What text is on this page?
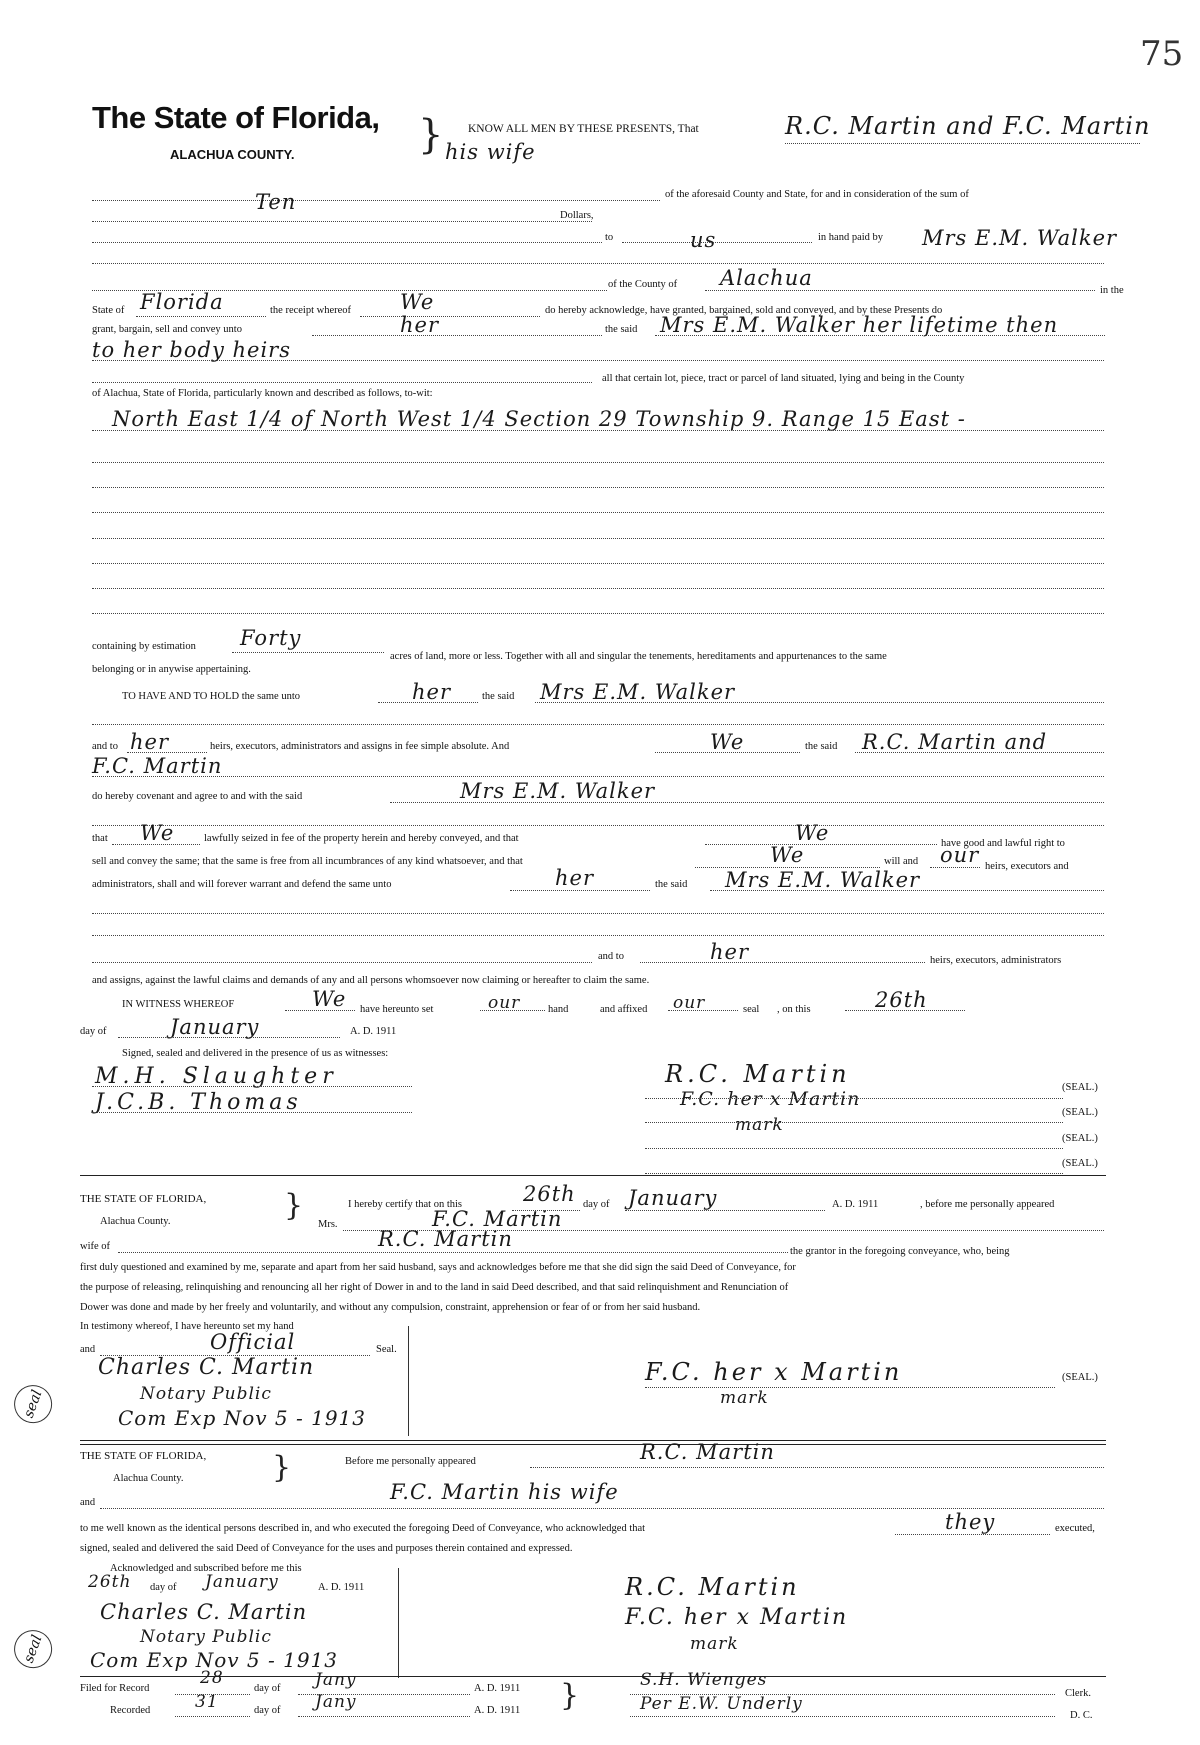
75
The State of Florida,
ALACHUA COUNTY.	} KNOW ALL MEN BY THESE PRESENTS, That	R.C. Martin and F.C. Martin
his wife
of the aforesaid County and State, for and in consideration of the sum of
Ten
Dollars,
to	us	in hand paid by Mrs E.M. Walker
of the County of Alachua
in the
State of Florida	the receipt whereof We	do hereby acknowledge, have granted, bargained, sold and conveyed, and by these Presents do
grant, bargain, sell and convey unto	her	the said Mrs E.M. Walker her lifetime then
to her body heirs
all that certain lot, piece, tract or parcel of land situated, lying and being in the County
of Alachua, State of Florida, particularly known and described as follows, to-wit:
North East 1/4 of North West 1/4 Section 29 Township 9. Range 15 East -
containing by estimation Forty
acres of land, more or less. Together with all and singular the tenements, hereditaments and appurtenances to the same
belonging or in anywise appertaining.
TO HAVE AND TO HOLD the same unto	her	the said Mrs E.M. Walker
and to her	heirs, executors, administrators and assigns in fee simple absolute. And	We	the said R.C. Martin and
F.C. Martin
do hereby covenant and agree to and with the said	Mrs E.M. Walker
that We	lawfully seized in fee of the property herein and hereby conveyed, and that	We	have good and lawful right to
sell and convey the same; that the same is free from all incumbrances of any kind whatsoever, and that	We	will and our heirs, executors and
administrators, shall and will forever warrant and defend the same unto	her	the said Mrs E.M. Walker
and to	her	heirs, executors, administrators
and assigns, against the lawful claims and demands of any and all persons whomsoever now claiming or hereafter to claim the same.
IN WITNESS WHEREOF	We have hereunto set	our	hand	and affixed our	seal , on this	26th
day of	January	A. D. 1911
Signed, sealed and delivered in the presence of us as witnesses:
M.H. Slaughter
J.C.B. Thomas
R.C. Martin
F.C. her x Martin
mark
(SEAL.)
(SEAL.)
(SEAL.)
(SEAL.)
THE STATE OF FLORIDA,
Alachua County.	}	I hereby certify that on this	26th day of January	A. D. 1911	, before me personally appeared
Mrs.	F.C. Martin
wife of	R.C. Martin
the grantor in the foregoing conveyance, who, being
first duly questioned and examined by me, separate and apart from her said husband, says and acknowledges before me that she did sign the said Deed of Conveyance, for
the purpose of releasing, relinquishing and renouncing all her right of Dower in and to the land in said Deed described, and that said relinquishment and Renunciation of
Dower was done and made by her freely and voluntarily, and without any compulsion, constraint, apprehension or fear of or from her said husband.
In testimony whereof, I have hereunto set my hand
and	Official	Seal.
Charles C. Martin
Notary Public
Com Exp Nov 5 - 1913
seal
F.C. her x Martin
mark
(SEAL.)
THE STATE OF FLORIDA,
Alachua County.	}	Before me personally appeared	R.C. Martin
and	F.C. Martin his wife
to me well known as the identical persons described in, and who executed the foregoing Deed of Conveyance, who acknowledged that	they	executed,
signed, sealed and delivered the said Deed of Conveyance for the uses and purposes therein contained and expressed.
Acknowledged and subscribed before me this
26th day of January	A. D. 1911
Charles C. Martin
Notary Public
Com Exp Nov 5 - 1913
seal
R.C. Martin
F.C. her x Martin
mark
Filed for Record
28
day of Jany	A. D. 1911
Recorded	31	day of Jany	A. D. 1911 }	S.H. Wienges
Clerk.
Per E.W. Underly
D. C.
